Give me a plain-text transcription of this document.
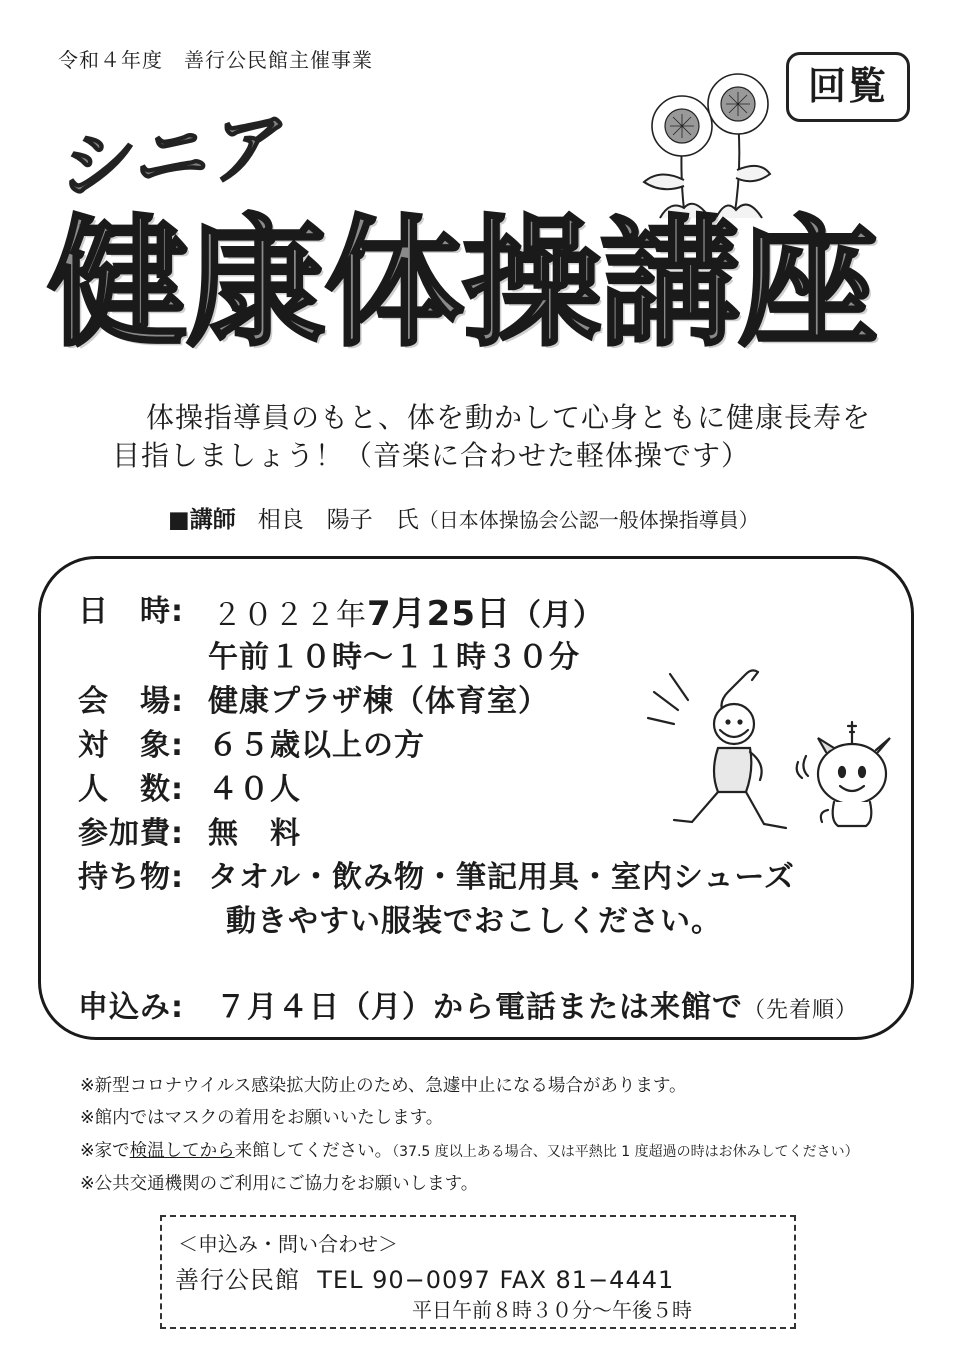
令和４年度　善行公民館主催事業
回覧
シニア
健康体操講座
体操指導員のもと、体を動かして心身ともに健康長寿を
目指しましょう！（音楽に合わせた軽体操です）
■講師 相良　陽子　氏（日本体操協会公認一般体操指導員）
日　時: ２０２２年7月25日（月）
午前１０時～１１時３０分
会　場: 健康プラザ棟（体育室）
対　象: ６５歳以上の方
人　数: ４０人
参加費: 無　料
持ち物: タオル・飲み物・筆記用具・室内シューズ
動きやすい服装でおこしください。
申込み: ７月４日（月）から電話または来館で（先着順）
※新型コロナウイルス感染拡大防止のため、急遽中止になる場合があります。
※館内ではマスクの着用をお願いいたします。
※家で検温してから来館してください。（37.5 度以上ある場合、又は平熱比 1 度超過の時はお休みしてください）
※公共交通機関のご利用にご協力をお願いします。
＜申込み・問い合わせ＞
善行公民館 TEL 90−0097 FAX 81−4441
平日午前８時３０分～午後５時
